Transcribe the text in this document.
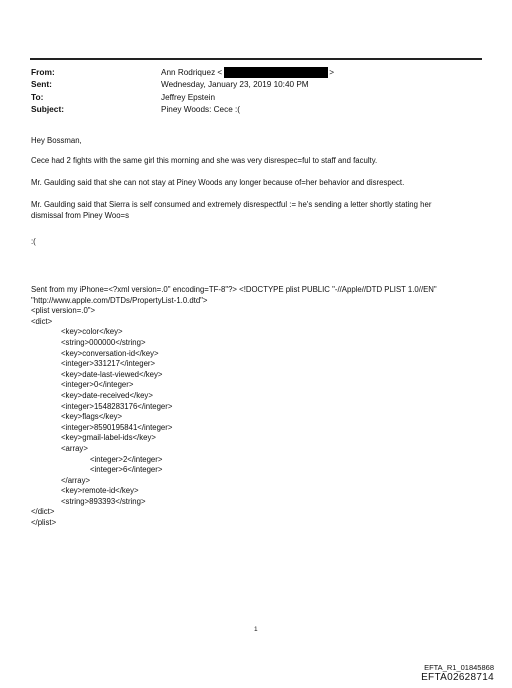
From:	Ann Rodriquez <	>
Sent:	Wednesday, January 23, 2019 10:40 PM
To:	Jeffrey Epstein
Subject:	Piney Woods: Cece :(

Hey Bossman,

Cece had 2 fights with the same girl this morning and she was very disrespec=ful to staff and faculty.

Mr. Gaulding said that she can not stay at Piney Woods any longer because of=her behavior and disrespect.

Mr. Gaulding said that Sierra is self consumed and extremely disrespectful := he's sending a letter shortly stating her

dismissal from Piney Woo=s

:(

Sent from my iPhone=<?xml version=.0" encoding=TF-8"?> <!DOCTYPE plist PUBLIC "-//Apple//DTD PLIST 1.0//EN"
"http://www.apple.com/DTDs/PropertyList-1.0.dtd">
<plist version=.0">
<dict>
<key>color</key>
<string>000000</string>
<key>conversation-id</key>
<integer>331217</integer>
<key>date-last-viewed</key>
<integer>0</integer>
<key>date-received</key>
<integer>1548283176</integer>
<key>flags</key>
<integer>8590195841</integer>
<key>gmail-label-ids</key>
<array>
<integer>2</integer>
<integer>6</integer>
</array>
<key>remote-id</key>
<string>893393</string>
</dict>
</plist>
1
EFTA_R1_01845868
EFTA02628714
